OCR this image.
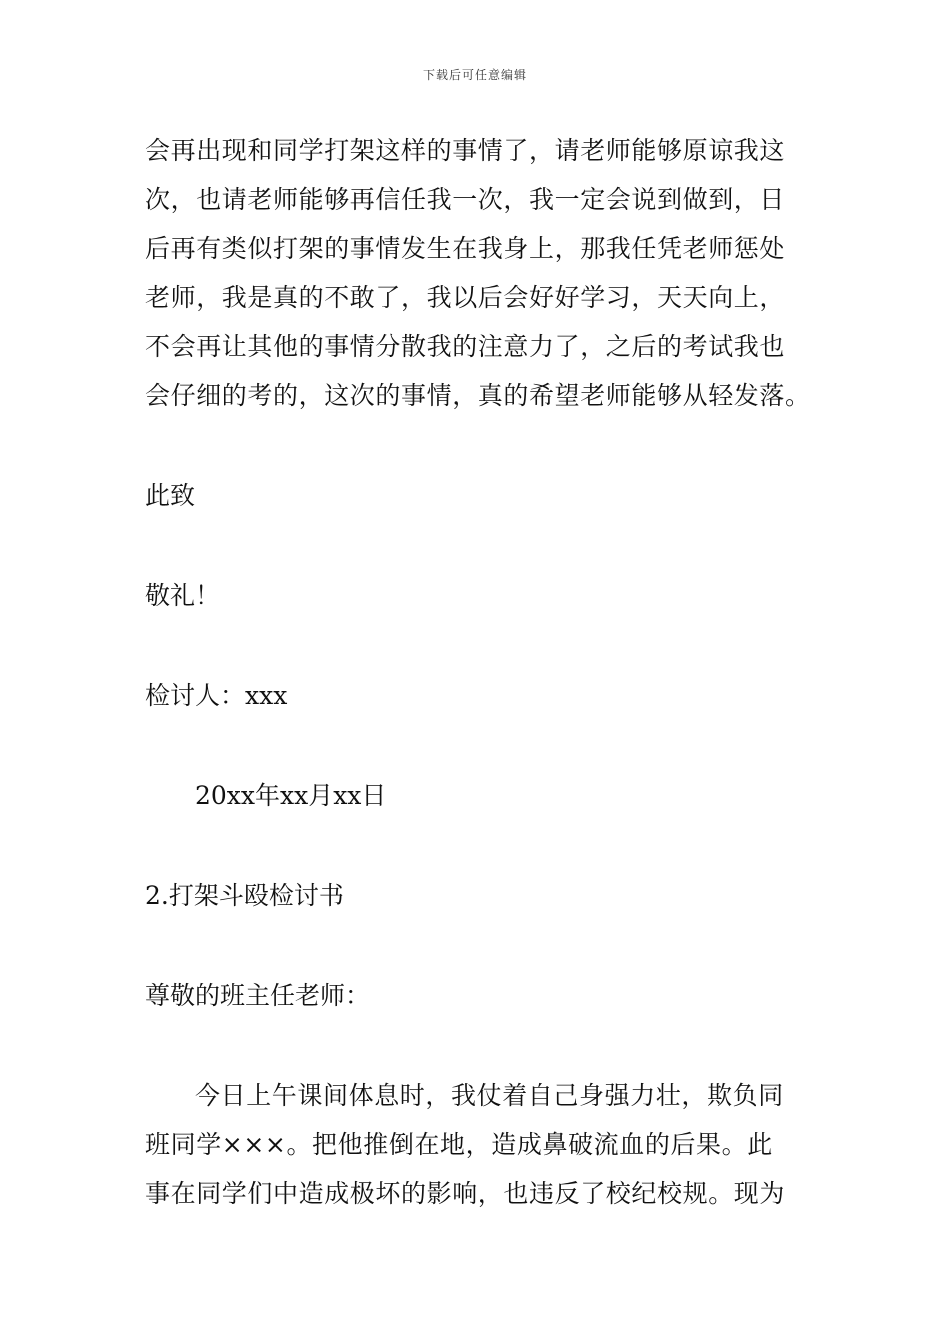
下载后可任意编辑
会再出现和同学打架这样的事情了，请老师能够原谅我这
次，也请老师能够再信任我一次，我一定会说到做到，日
后再有类似打架的事情发生在我身上，那我任凭老师惩处
老师，我是真的不敢了，我以后会好好学习，天天向上，
不会再让其他的事情分散我的注意力了，之后的考试我也
会仔细的考的，这次的事情，真的希望老师能够从轻发落。
此致
敬礼！
检讨人：xxx
20xx年xx月xx日
2.打架斗殴检讨书
尊敬的班主任老师：
今日上午课间体息时，我仗着自己身强力壮，欺负同
班同学×××。把他推倒在地，造成鼻破流血的后果。此
事在同学们中造成极坏的影响，也违反了校纪校规。现为
